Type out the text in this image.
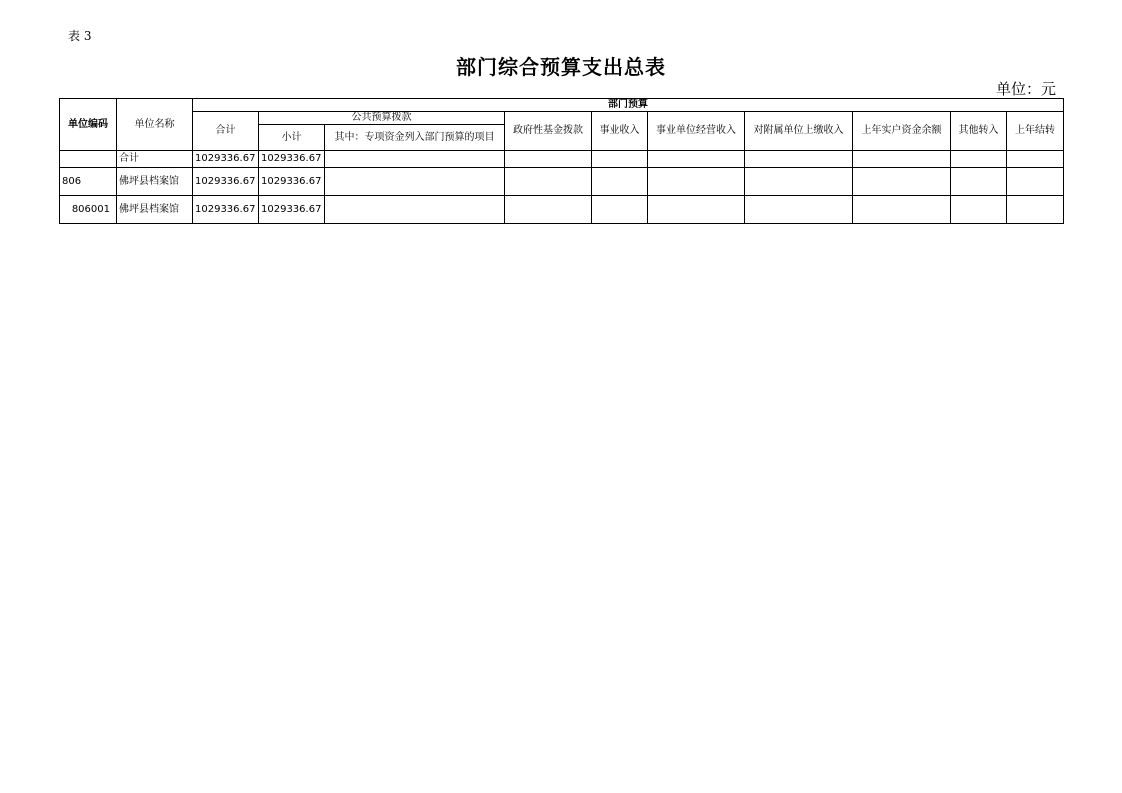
表 3
部门综合预算支出总表
单位：元
单位编码	单位名称	部门预算									
		合计	公共预算拨款		政府性基金拨款	事业收入	事业单位经营收入	对附属单位上缴收入	上年实户资金余额	其他转入	上年结转
			小计	其中：专项资金列入部门预算的项目							
	合计	1029336.67	1029336.67								
806	佛坪县档案馆	1029336.67	1029336.67								
806001	佛坪县档案馆	1029336.67	1029336.67								
